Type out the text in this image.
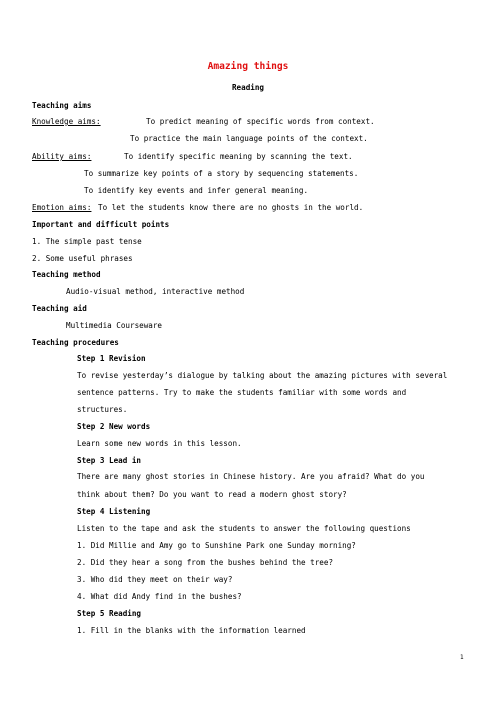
Amazing things
Reading
Teaching aims
Knowledge aims:	To predict meaning of specific words from context.
To practice the main language points of the context.
Ability aims:	To identify specific meaning by scanning the text.
To summarize key points of a story by sequencing statements.
To identify key events and infer general meaning.
Emotion aims: To let the students know there are no ghosts in the world.
Important and difficult points
1. The simple past tense
2. Some useful phrases
Teaching method
Audio-visual method, interactive method
Teaching aid
Multimedia Courseware
Teaching procedures
Step 1 Revision
To revise yesterday’s dialogue by talking about the amazing pictures with several
sentence patterns. Try to make the students familiar with some words and
structures.
Step 2 New words
Learn some new words in this lesson.
Step 3 Lead in
There are many ghost stories in Chinese history. Are you afraid? What do you
think about them? Do you want to read a modern ghost story?
Step 4 Listening
Listen to the tape and ask the students to answer the following questions
1. Did Millie and Amy go to Sunshine Park one Sunday morning?
2. Did they hear a song from the bushes behind the tree?
3. Who did they meet on their way?
4. What did Andy find in the bushes?
Step 5 Reading
1. Fill in the blanks with the information learned
1
